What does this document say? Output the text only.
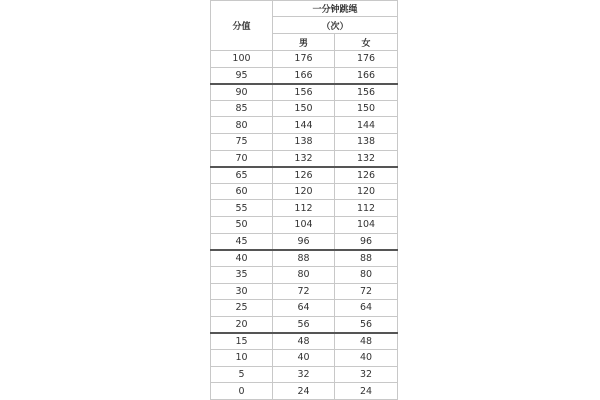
分值	一分钟跳绳	
	（次）	
	男	女
100	176	176
95	166	166
90	156	156
85	150	150
80	144	144
75	138	138
70	132	132
65	126	126
60	120	120
55	112	112
50	104	104
45	96	96
40	88	88
35	80	80
30	72	72
25	64	64
20	56	56
15	48	48
10	40	40
5	32	32
0	24	24
